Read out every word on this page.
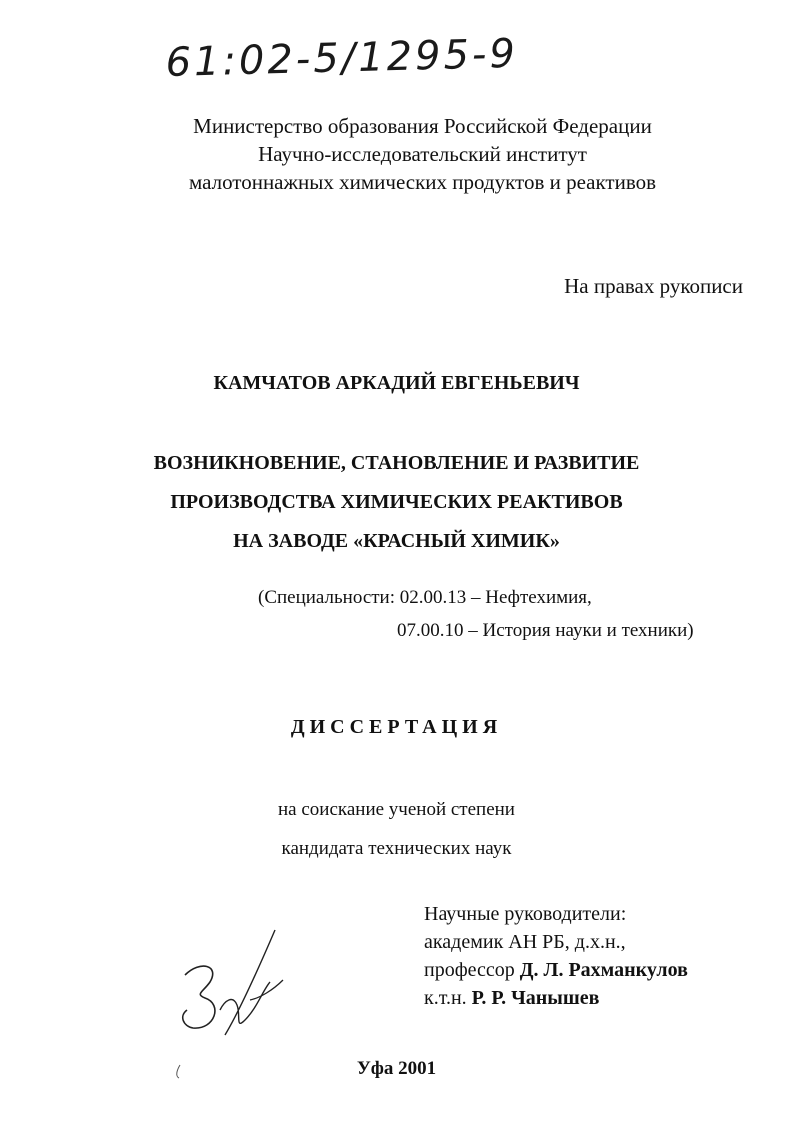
61:02-5/1295-9
Министерство образования Российской Федерации
Научно-исследовательский институт
малотоннажных химических продуктов и реактивов
На правах рукописи
КАМЧАТОВ АРКАДИЙ ЕВГЕНЬЕВИЧ
ВОЗНИКНОВЕНИЕ, СТАНОВЛЕНИЕ И РАЗВИТИЕ
ПРОИЗВОДСТВА ХИМИЧЕСКИХ РЕАКТИВОВ
НА ЗАВОДЕ «КРАСНЫЙ ХИМИК»
(Специальности: 02.00.13 – Нефтехимия,
07.00.10 – История науки и техники)
ДИССЕРТАЦИЯ
на соискание ученой степени
кандидата технических наук
Научные руководители:
академик АН РБ, д.х.н.,
профессор Д. Л. Рахманкулов
к.т.н. Р. Р. Чанышев
Уфа 2001
